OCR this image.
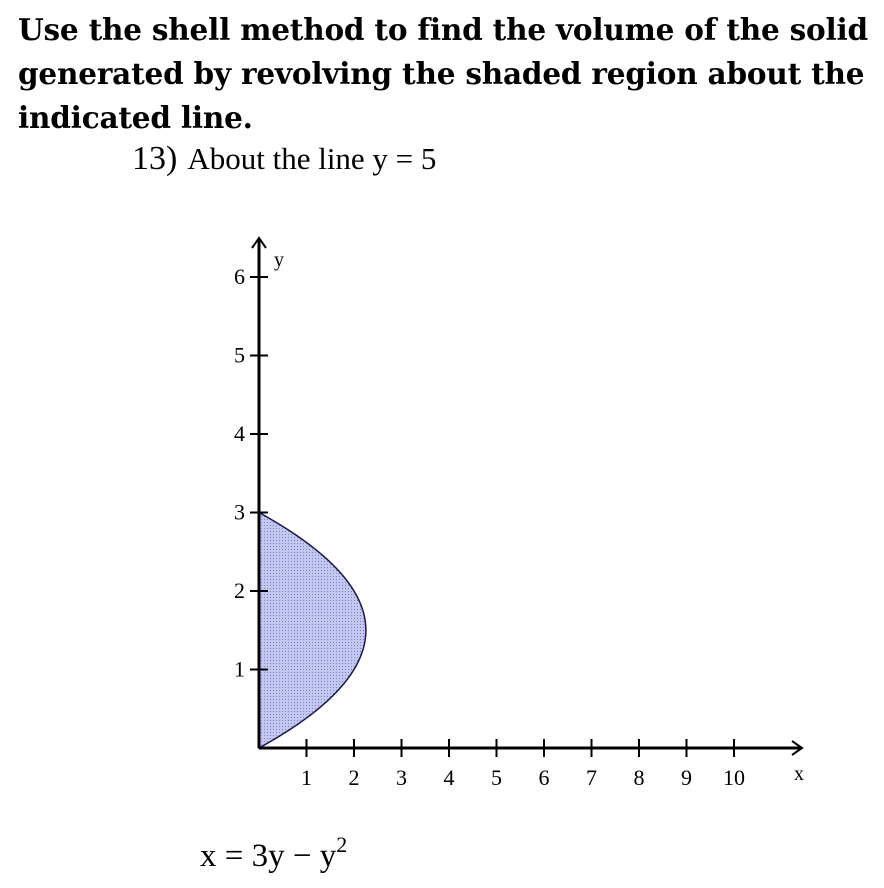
Use the shell method to find the volume of the solid generated by revolving the shaded region about the indicated line.
13) About the line y = 5
1 2 3 4 5 6 7 8 9 10
1
2
3
4
5
6
x
y
$x = 3y - y^2$
